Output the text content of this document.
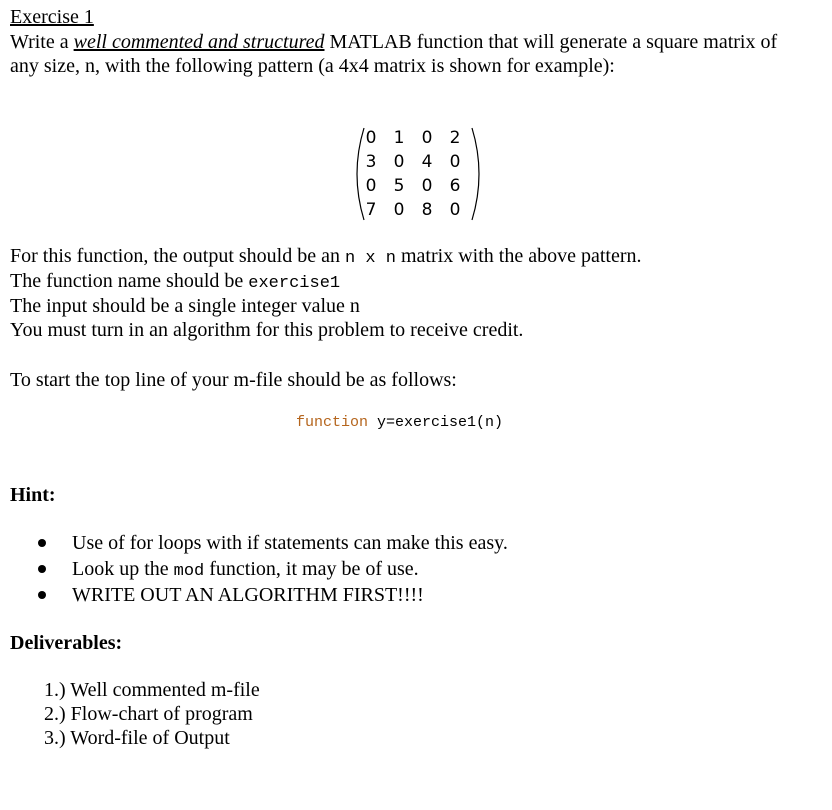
Exercise 1
Write a well commented and structured MATLAB function that will generate a square matrix of
any size, n, with the following pattern (a 4x4 matrix is shown for example):
0	1	0	2
3	0	4	0
0	5	0	6
7	0	8	0
For this function, the output should be an n x n matrix with the above pattern.
The function name should be exercise1
The input should be a single integer value n
You must turn in an algorithm for this problem to receive credit.
To start the top line of your m-file should be as follows:
function y=exercise1(n)
Hint:
Use of for loops with if statements can make this easy.
Look up the mod function, it may be of use.
WRITE OUT AN ALGORITHM FIRST!!!!
Deliverables:
1.) Well commented m-file
2.) Flow-chart of program
3.) Word-file of Output
